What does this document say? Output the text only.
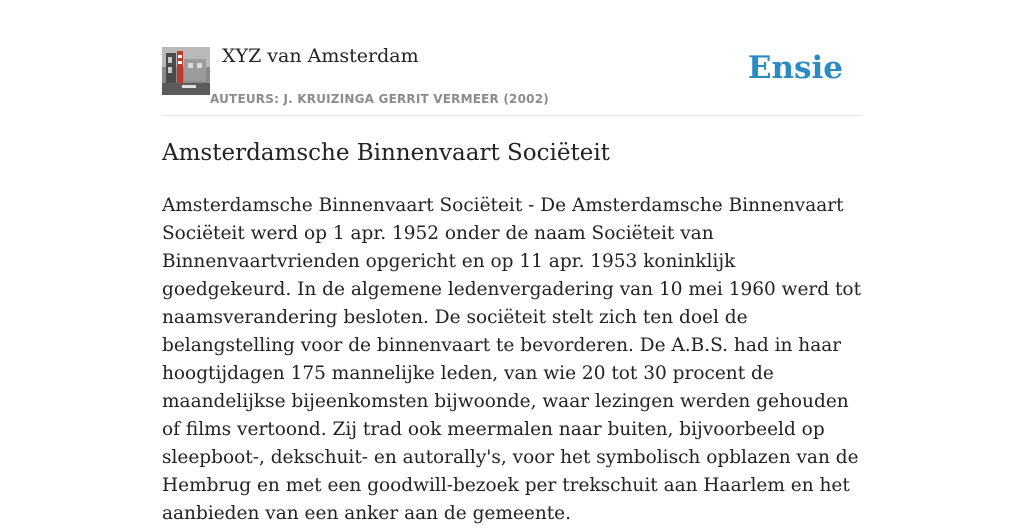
XYZ van Amsterdam
AUTEURS: J. KRUIZINGA GERRIT VERMEER (2002)
Ensie
Amsterdamsche Binnenvaart Sociëteit

Amsterdamsche Binnenvaart Sociëteit - De Amsterdamsche Binnenvaart Sociëteit werd op 1 apr. 1952 onder de naam Sociëteit van Binnenvaartvrienden opgericht en op 11 apr. 1953 koninklijk goedgekeurd. In de algemene ledenvergadering van 10 mei 1960 werd tot naamsverandering besloten. De sociëteit stelt zich ten doel de belangstelling voor de binnenvaart te bevorderen. De A.B.S. had in haar hoogtijdagen 175 mannelijke leden, van wie 20 tot 30 procent de maandelijkse bijeenkomsten bijwoonde, waar lezingen werden gehouden of films vertoond. Zij trad ook meermalen naar buiten, bijvoorbeeld op sleepboot-, dekschuit- en autorally's, voor het symbolisch opblazen van de Hembrug en met een goodwill-bezoek per trekschuit aan Haarlem en het aanbieden van een anker aan de gemeente.
